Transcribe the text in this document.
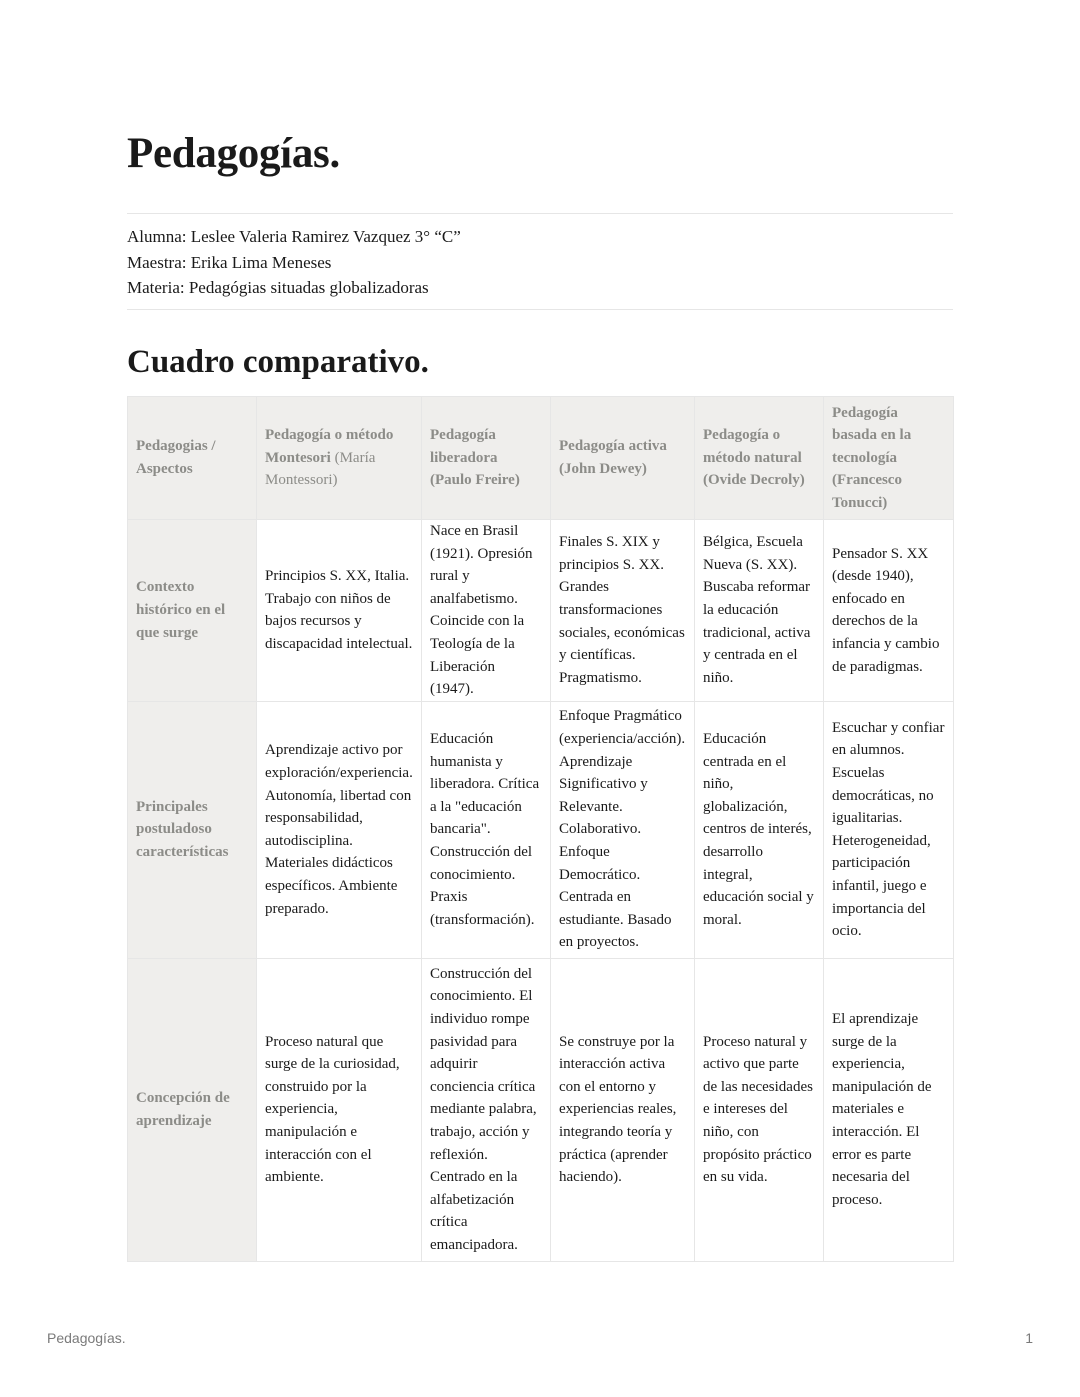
Pedagogías.
Alumna: Leslee Valeria Ramirez Vazquez 3° “C”
Maestra: Erika Lima Meneses
Materia: Pedagógias situadas globalizadoras
Cuadro comparativo.
Pedagogias / Aspectos	Pedagogía o método Montesori (María Montessori)	Pedagogía liberadora (Paulo Freire)	Pedagogía activa (John Dewey)	Pedagogía o método natural (Ovide Decroly)	Pedagogía basada en la tecnología (Francesco Tonucci)
Contexto histórico en el que surge	Principios S. XX, Italia. Trabajo con niños de bajos recursos y discapacidad intelectual.	Nace en Brasil (1921). Opresión rural y analfabetismo. Coincide con la Teología de la Liberación (1947).	Finales S. XIX y principios S. XX. Grandes transformaciones sociales, económicas y científicas. Pragmatismo.	Bélgica, Escuela Nueva (S. XX). Buscaba reformar la educación tradicional, activa y centrada en el niño.	Pensador S. XX (desde 1940), enfocado en derechos de la infancia y cambio de paradigmas.
Principales postuladoso características	Aprendizaje activo por exploración/experiencia. Autonomía, libertad con responsabilidad, autodisciplina. Materiales didácticos específicos. Ambiente preparado.	Educación humanista y liberadora. Crítica a la "educación bancaria". Construcción del conocimiento. Praxis (transformación).	Enfoque Pragmático (experiencia/acción). Aprendizaje Significativo y Relevante. Colaborativo. Enfoque Democrático. Centrada en estudiante. Basado en proyectos.	Educación centrada en el niño, globalización, centros de interés, desarrollo integral, educación social y moral.	Escuchar y confiar en alumnos. Escuelas democráticas, no igualitarias. Heterogeneidad, participación infantil, juego e importancia del ocio.
Concepción de aprendizaje	Proceso natural que surge de la curiosidad, construido por la experiencia, manipulación e interacción con el ambiente.	Construcción del conocimiento. El individuo rompe pasividad para adquirir conciencia crítica mediante palabra, trabajo, acción y reflexión. Centrado en la alfabetización crítica emancipadora.	Se construye por la interacción activa con el entorno y experiencias reales, integrando teoría y práctica (aprender haciendo).	Proceso natural y activo que parte de las necesidades e intereses del niño, con propósito práctico en su vida.	El aprendizaje surge de la experiencia, manipulación de materiales e interacción. El error es parte necesaria del proceso.
Pedagogías.	1
